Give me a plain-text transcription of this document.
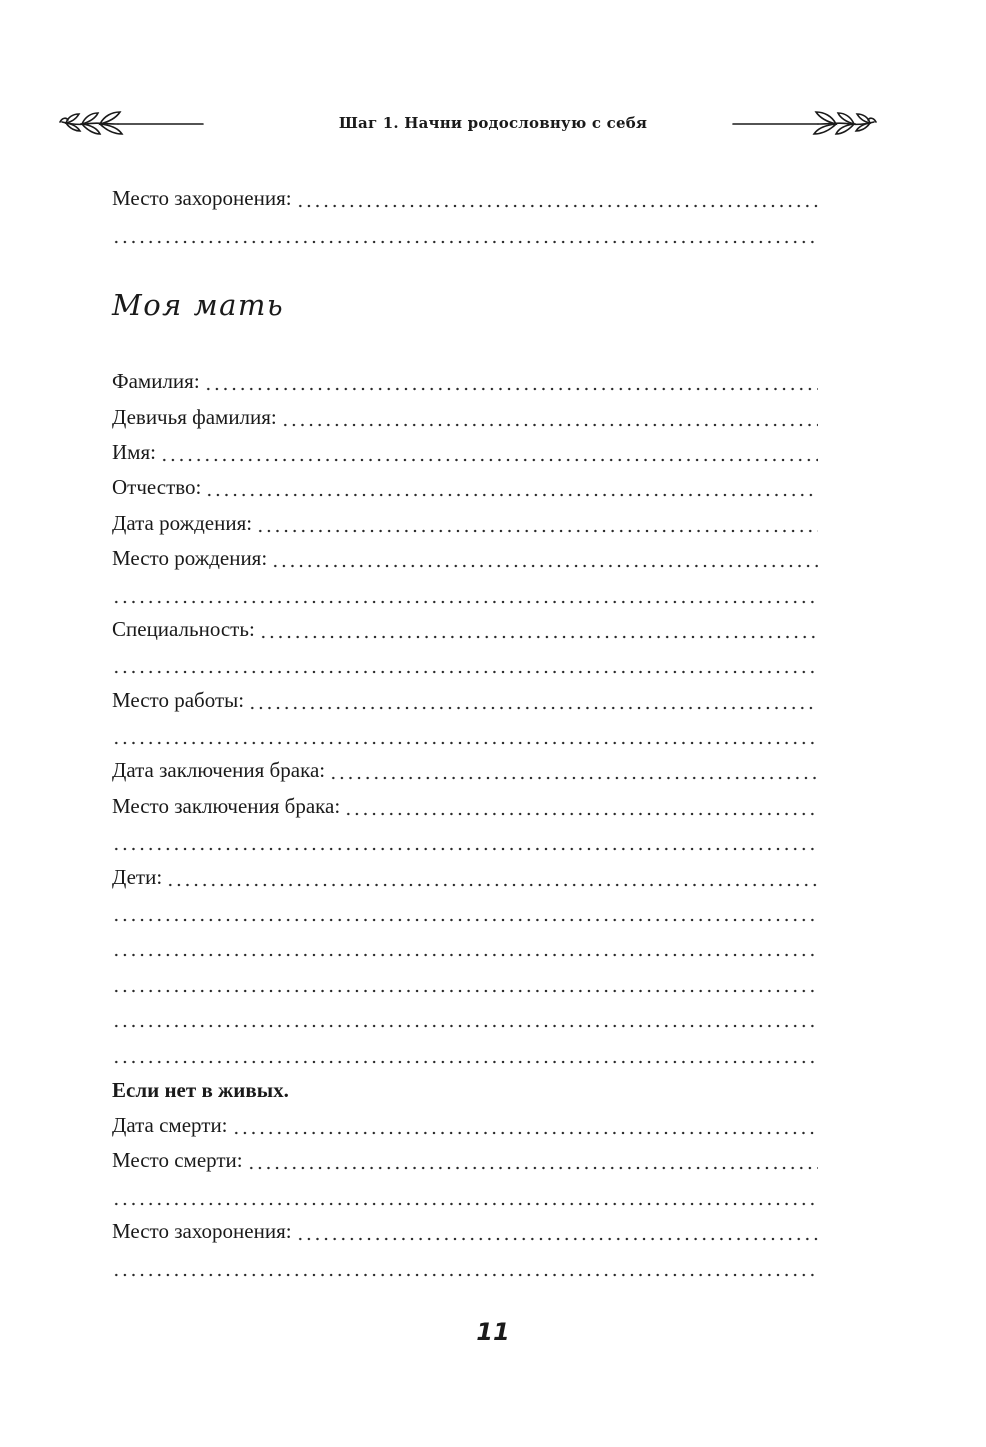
Шаг 1. Начни родословную с себя
Место захоронения:
Моя мать
Фамилия:
Девичья фамилия:
Имя:
Отчество:
Дата рождения:
Место рождения:
Специальность:
Место работы:
Дата заключения брака:
Место заключения брака:
Дети:
Если нет в живых.
Дата смерти:
Место смерти:
Место захоронения:
11
